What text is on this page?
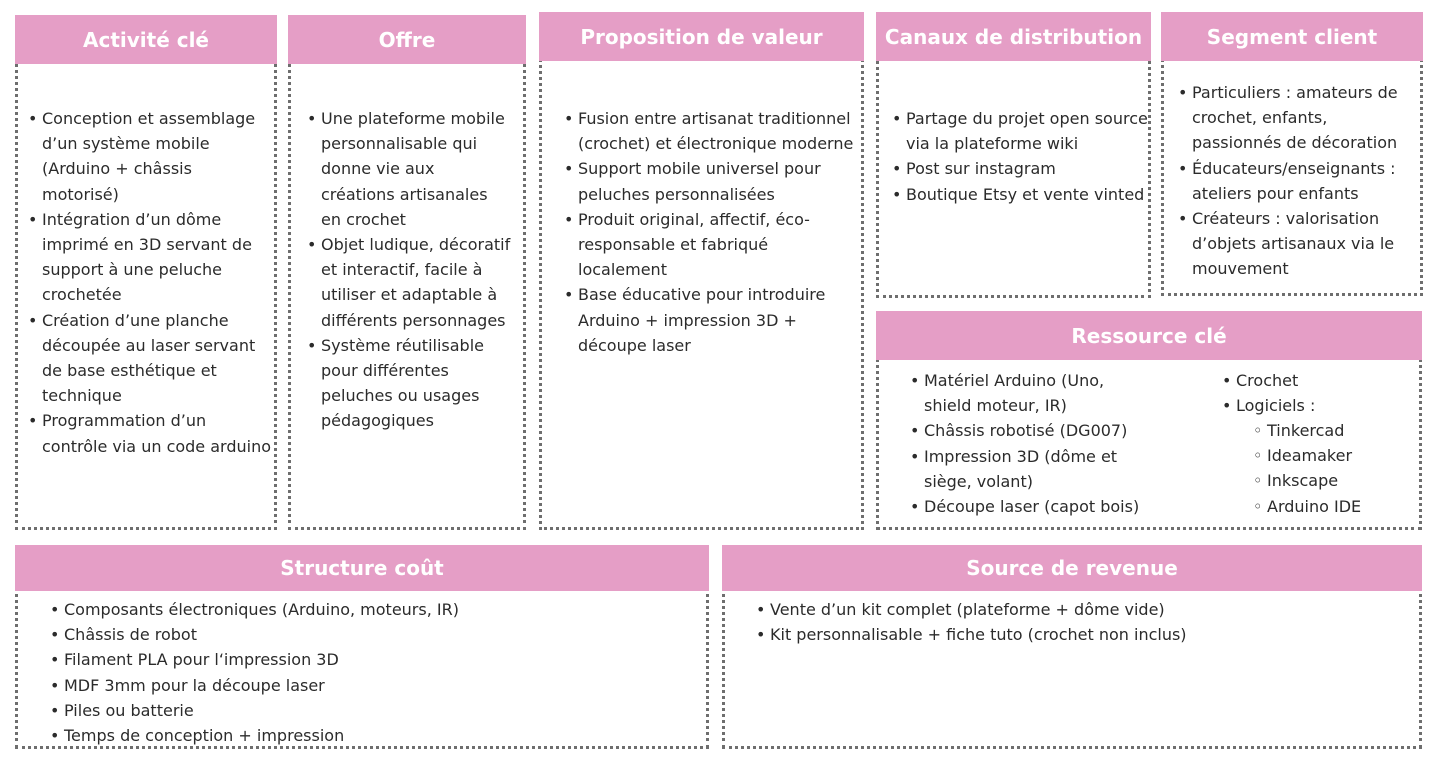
Activité clé
• Conception et assemblage d’un système mobile (Arduino + châssis motorisé)
• Intégration d’un dôme imprimé en 3D servant de support à une peluche crochetée
• Création d’une planche découpée au laser servant de base esthétique et technique
• Programmation d’un contrôle via un code arduino
Offre
• Une plateforme mobile personnalisable qui donne vie aux créations artisanales en crochet
• Objet ludique, décoratif et interactif, facile à utiliser et adaptable à différents personnages
• Système réutilisable pour différentes peluches ou usages pédagogiques
Proposition de valeur
• Fusion entre artisanat traditionnel (crochet) et électronique moderne
• Support mobile universel pour peluches personnalisées
• Produit original, affectif, éco-responsable et fabriqué localement
• Base éducative pour introduire Arduino + impression 3D + découpe laser
Canaux de distribution
• Partage du projet open source via la plateforme wiki
• Post sur instagram
• Boutique Etsy et vente vinted
Segment client
• Particuliers : amateurs de crochet, enfants, passionnés de décoration
• Éducateurs/enseignants : ateliers pour enfants
• Créateurs : valorisation d’objets artisanaux via le mouvement
Ressource clé
• Matériel Arduino (Uno, shield moteur, IR)
• Châssis robotisé (DG007)
• Impression 3D (dôme et siège, volant)
• Découpe laser (capot bois)
• Crochet
• Logiciels :
◦ Tinkercad
◦ Ideamaker
◦ Inkscape
◦ Arduino IDE
Structure coût
• Composants électroniques (Arduino, moteurs, IR)
• Châssis de robot
• Filament PLA pour l‘impression 3D
• MDF 3mm pour la découpe laser
• Piles ou batterie
• Temps de conception + impression
Source de revenue
• Vente d’un kit complet (plateforme + dôme vide)
• Kit personnalisable + fiche tuto (crochet non inclus)
